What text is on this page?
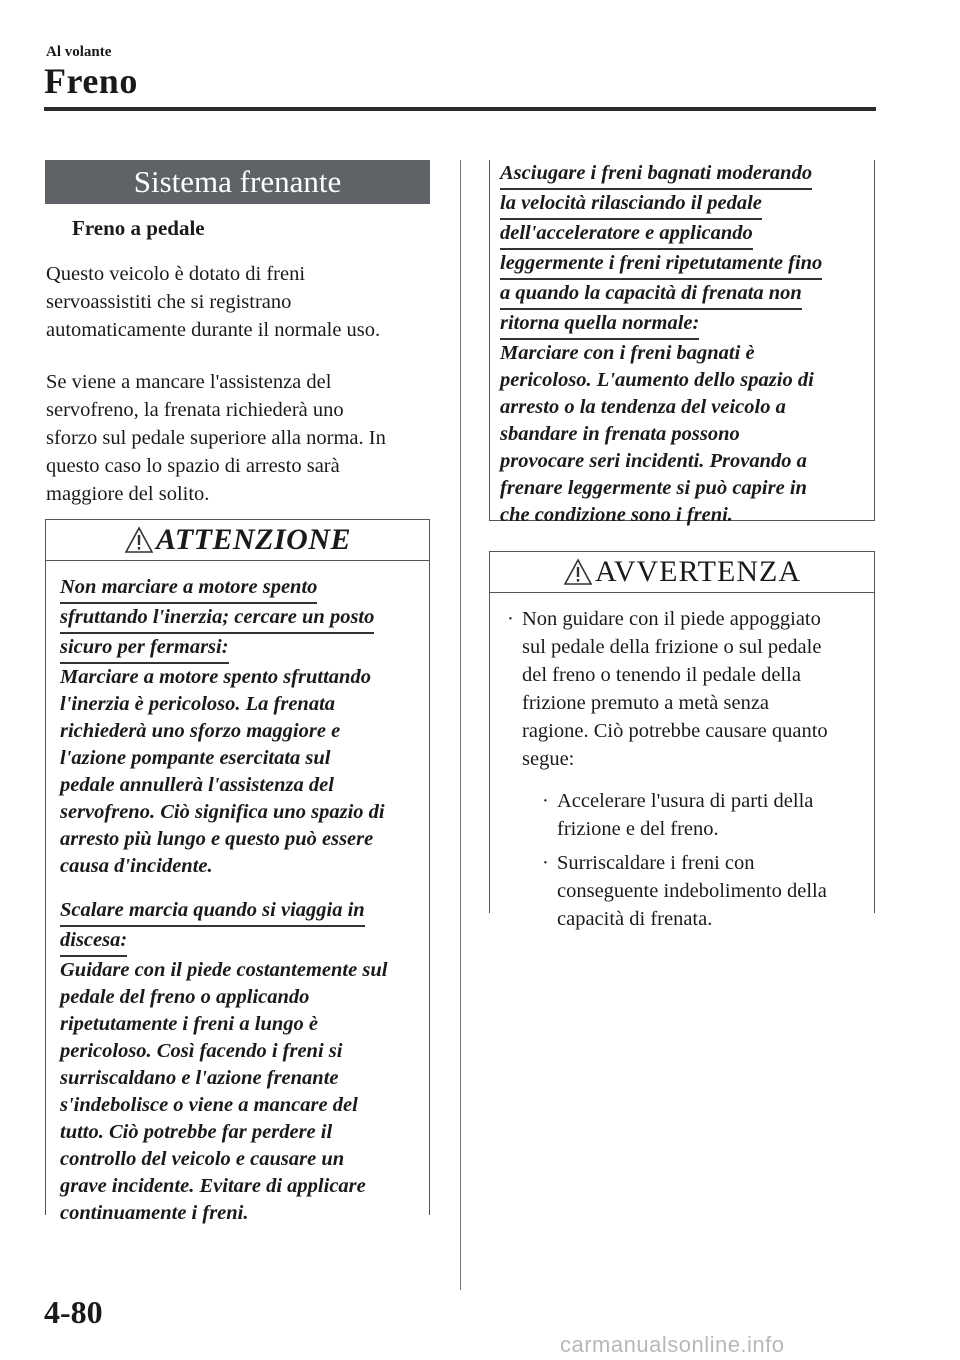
Al volante
Freno
Sistema frenante
Freno a pedale
Questo veicolo è dotato di freni
servoassistiti che si registrano
automaticamente durante il normale uso.
Se viene a mancare l'assistenza del
servofreno, la frenata richiederà uno
sforzo sul pedale superiore alla norma. In
questo caso lo spazio di arresto sarà
maggiore del solito.
ATTENZIONE
Non marciare a motore spento
sfruttando l'inerzia; cercare un posto
sicuro per fermarsi:
Marciare a motore spento sfruttando
l'inerzia è pericoloso. La frenata
richiederà uno sforzo maggiore e
l'azione pompante esercitata sul
pedale annullerà l'assistenza del
servofreno. Ciò significa uno spazio di
arresto più lungo e questo può essere
causa d'incidente.
Scalare marcia quando si viaggia in
discesa:
Guidare con il piede costantemente sul
pedale del freno o applicando
ripetutamente i freni a lungo è
pericoloso. Così facendo i freni si
surriscaldano e l'azione frenante
s'indebolisce o viene a mancare del
tutto. Ciò potrebbe far perdere il
controllo del veicolo e causare un
grave incidente. Evitare di applicare
continuamente i freni.
Asciugare i freni bagnati moderando
la velocità rilasciando il pedale
dell'acceleratore e applicando
leggermente i freni ripetutamente fino
a quando la capacità di frenata non
ritorna quella normale:
Marciare con i freni bagnati è
pericoloso. L'aumento dello spazio di
arresto o la tendenza del veicolo a
sbandare in frenata possono
provocare seri incidenti. Provando a
frenare leggermente si può capire in
che condizione sono i freni.
AVVERTENZA
· Non guidare con il piede appoggiato
sul pedale della frizione o sul pedale
del freno o tenendo il pedale della
frizione premuto a metà senza
ragione. Ciò potrebbe causare quanto
segue:
· Accelerare l'usura di parti della
frizione e del freno.
· Surriscaldare i freni con
conseguente indebolimento della
capacità di frenata.
4-80
carmanualsonline.info
